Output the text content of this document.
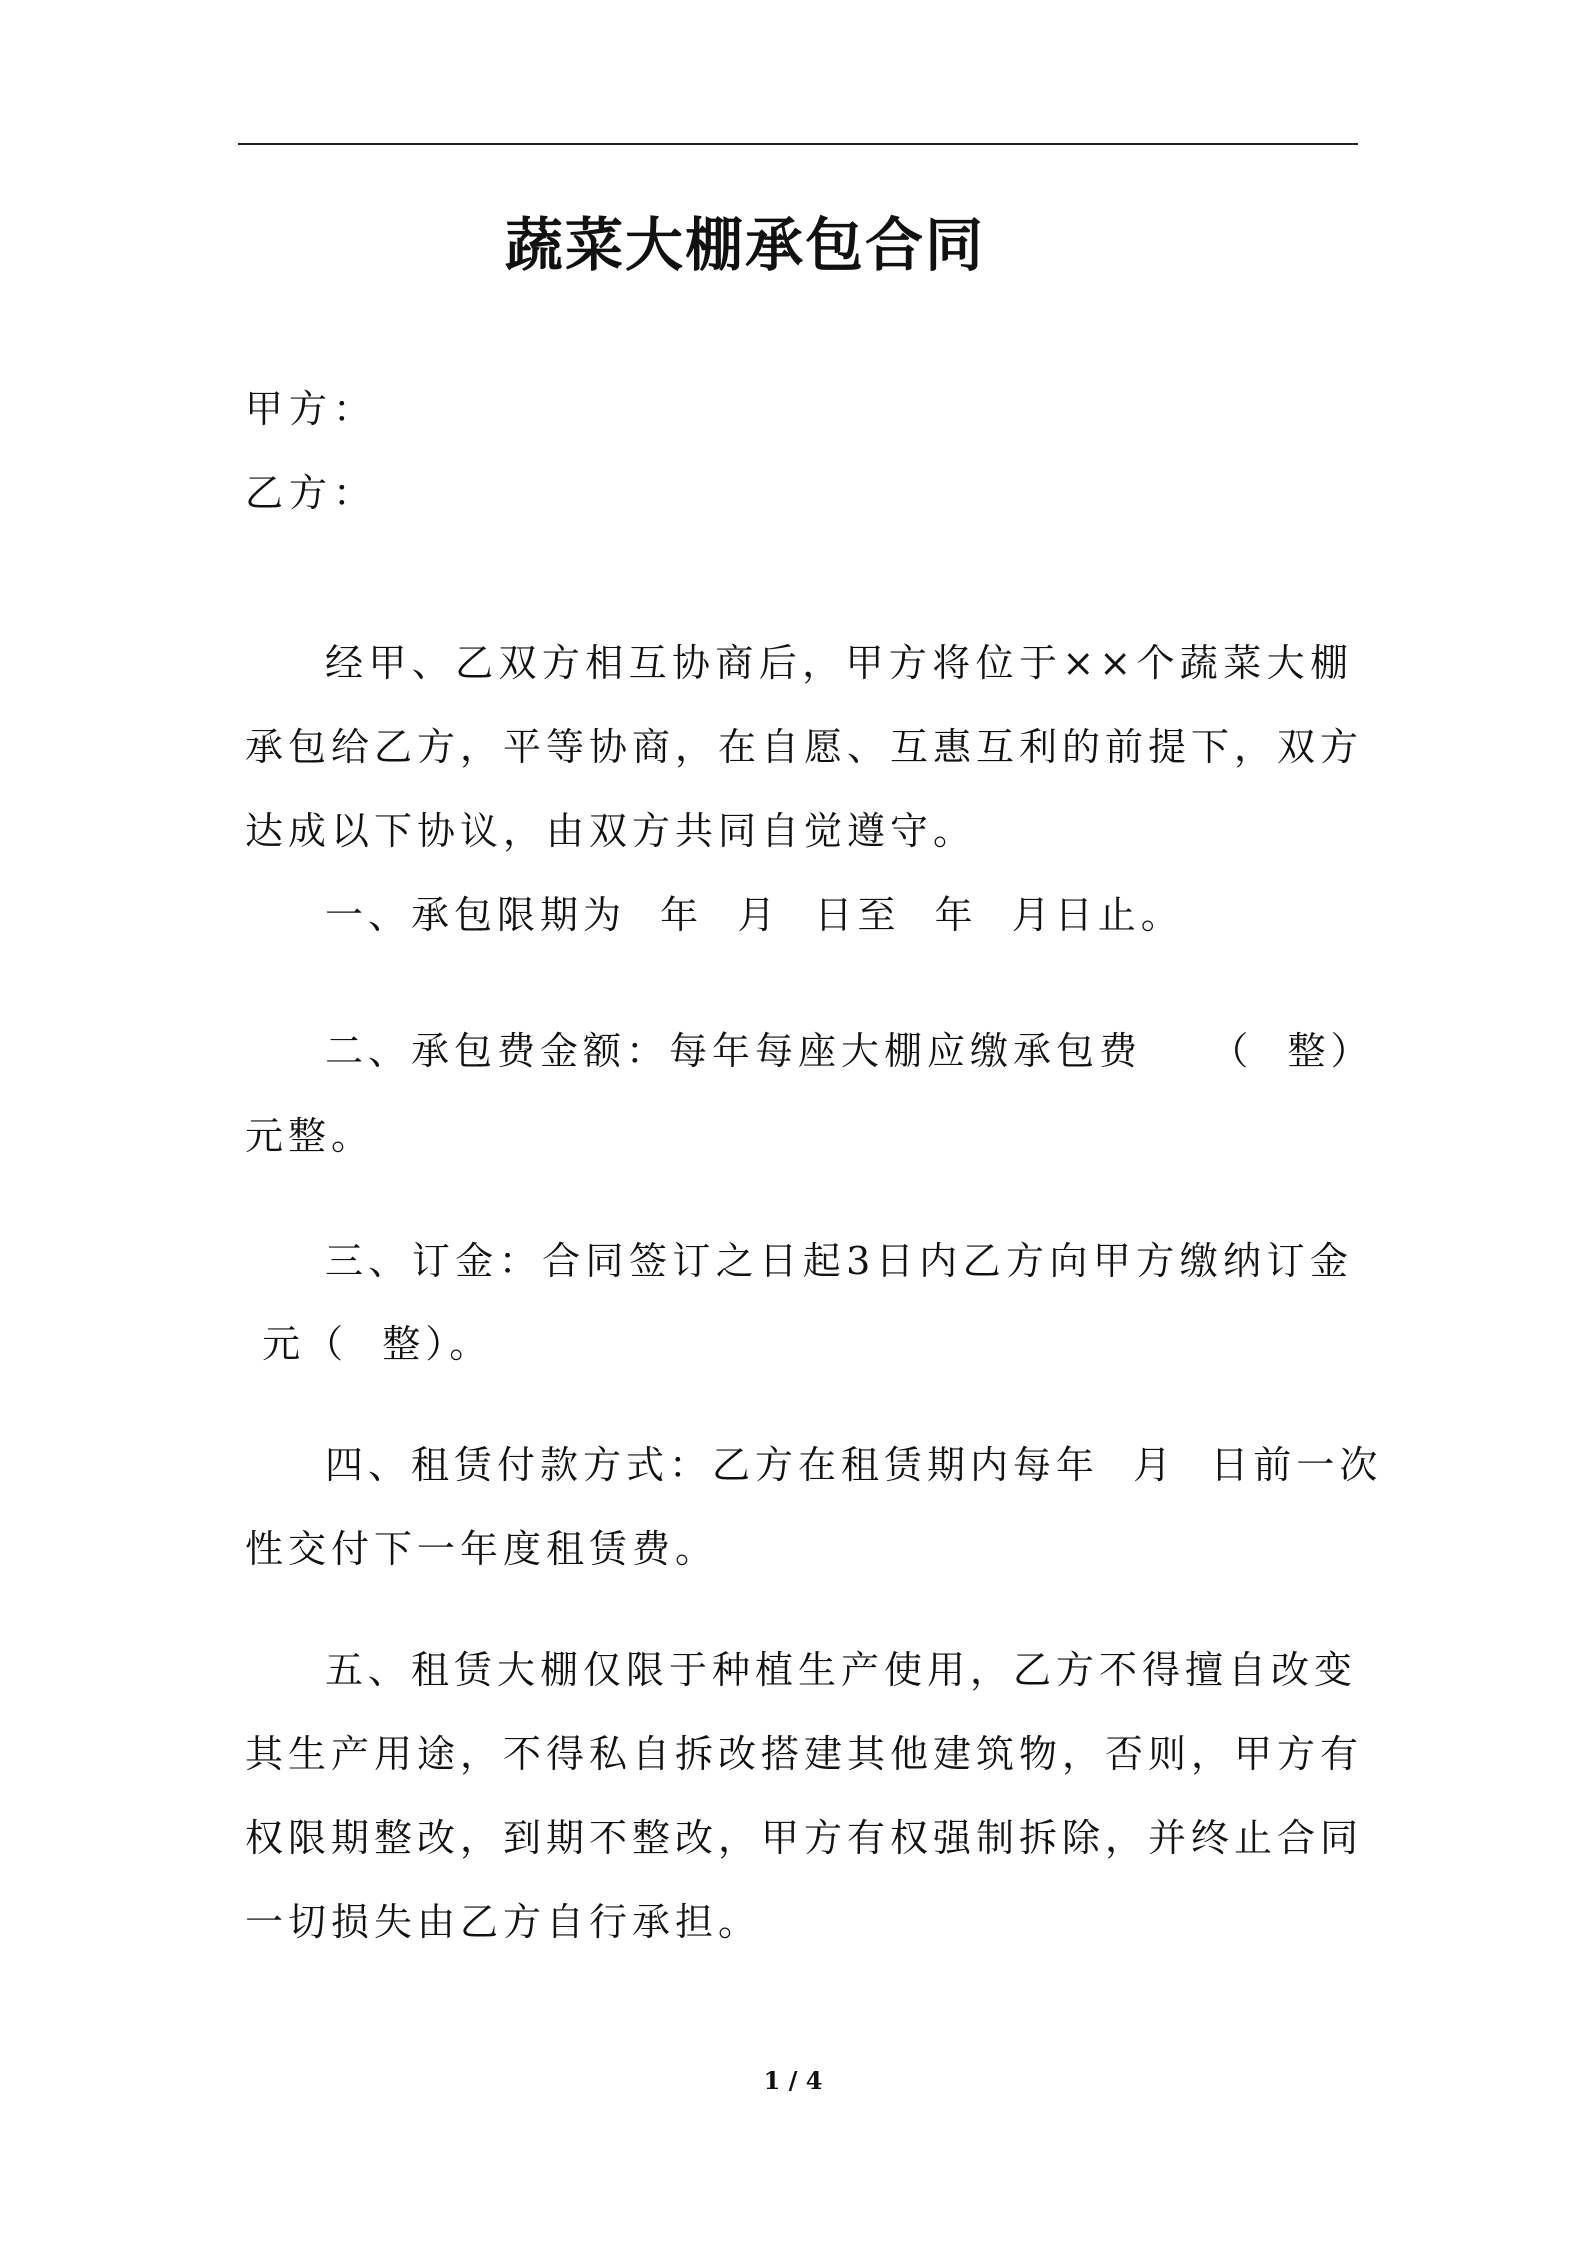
蔬菜大棚承包合同
甲方：
乙方：
经甲、乙双方相互协商后，甲方将位于××个蔬菜大棚
承包给乙方，平等协商，在自愿、互惠互利的前提下，双方
达成以下协议，由双方共同自觉遵守。
一、承包限期为  年  月  日至  年  月日止。
二、承包费金额：每年每座大棚应缴承包费    （  整）
元整。
三、订金：合同签订之日起3日内乙方向甲方缴纳订金
元（  整）。
四、租赁付款方式：乙方在租赁期内每年  月  日前一次
性交付下一年度租赁费。
五、租赁大棚仅限于种植生产使用，乙方不得擅自改变
其生产用途，不得私自拆改搭建其他建筑物，否则，甲方有
权限期整改，到期不整改，甲方有权强制拆除，并终止合同
一切损失由乙方自行承担。
1 / 4
